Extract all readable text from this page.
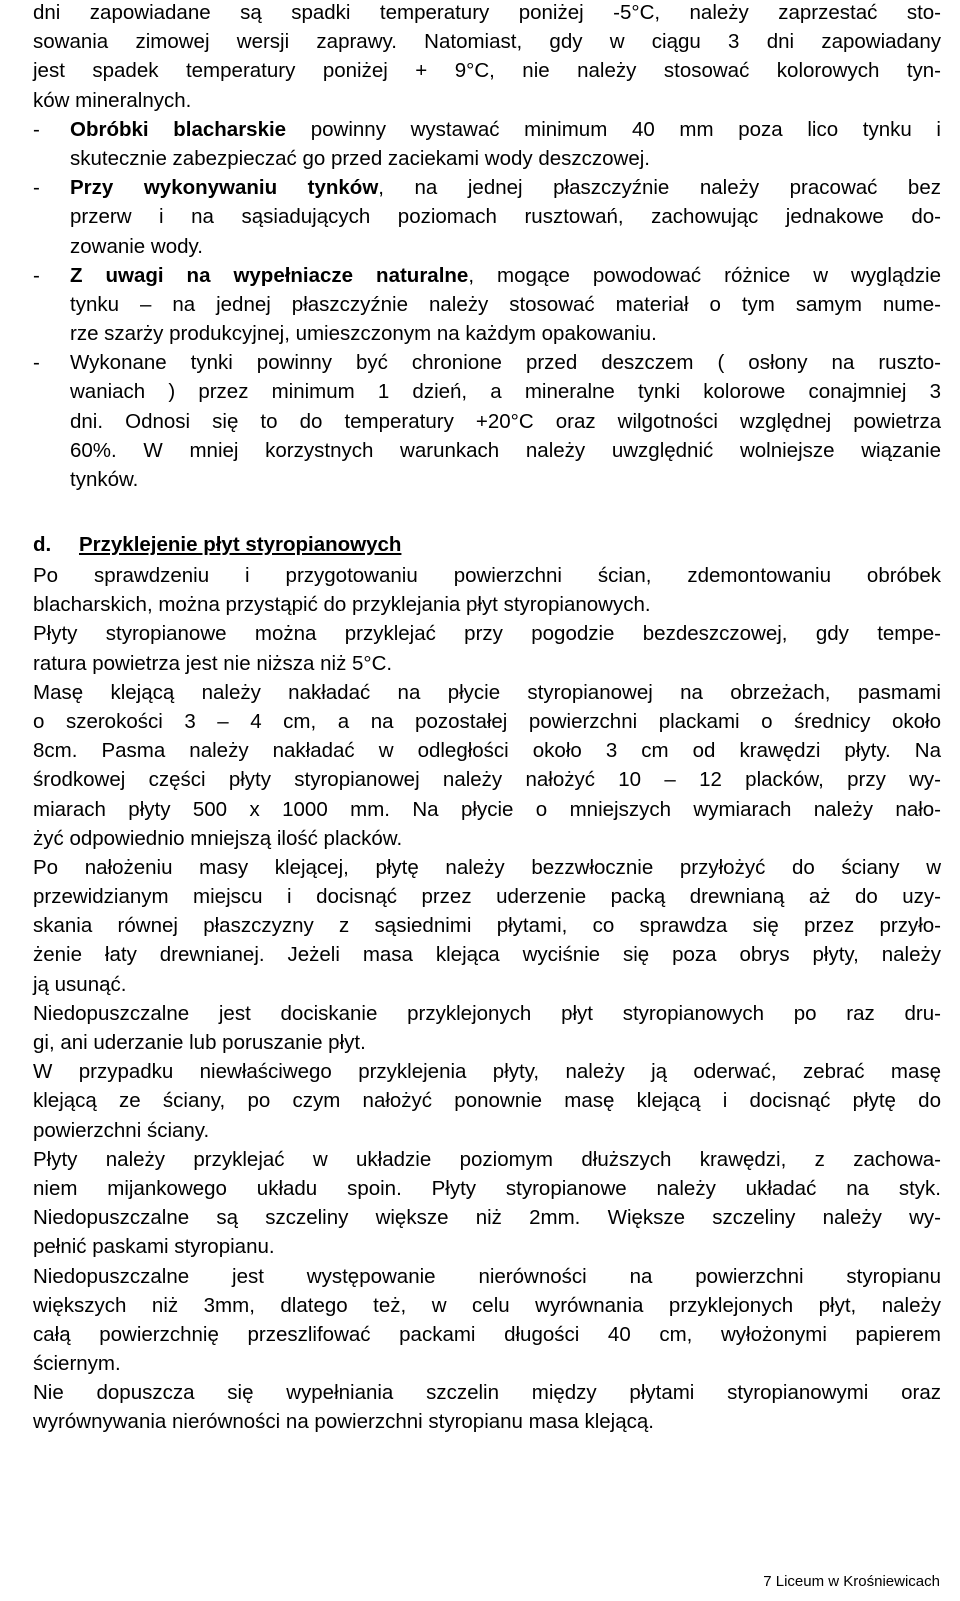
dni zapowiadane są spadki temperatury poniżej -5°C, należy zaprzestać sto-
sowania zimowej wersji zaprawy. Natomiast, gdy w ciągu 3 dni zapowiadany
jest spadek temperatury poniżej + 9°C, nie należy stosować kolorowych tyn-
ków mineralnych.
- Obróbki blacharskie powinny wystawać minimum 40 mm poza lico tynku i
skutecznie zabezpieczać go przed zaciekami wody deszczowej.
- Przy wykonywaniu tynków, na jednej płaszczyźnie należy pracować bez
przerw i na sąsiadujących poziomach rusztowań, zachowując jednakowe do-
zowanie wody.
- Z uwagi na wypełniacze naturalne, mogące powodować różnice w wyglądzie
tynku – na jednej płaszczyźnie należy stosować materiał o tym samym nume-
rze szarży produkcyjnej, umieszczonym na każdym opakowaniu.
- Wykonane tynki powinny być chronione przed deszczem ( osłony na ruszto-
waniach ) przez minimum 1 dzień, a mineralne tynki kolorowe conajmniej 3
dni. Odnosi się to do temperatury +20°C oraz wilgotności względnej powietrza
60%. W mniej korzystnych warunkach należy uwzględnić wolniejsze wiązanie
tynków.
d. Przyklejenie płyt styropianowych
Po sprawdzeniu i przygotowaniu powierzchni ścian, zdemontowaniu obróbek
blacharskich, można przystąpić do przyklejania płyt styropianowych.
Płyty styropianowe można przyklejać przy pogodzie bezdeszczowej, gdy tempe-
ratura powietrza jest nie niższa niż 5°C.
Masę klejącą należy nakładać na płycie styropianowej na obrzeżach, pasmami
o szerokości 3 – 4 cm, a na pozostałej powierzchni plackami o średnicy około
8cm. Pasma należy nakładać w odległości około 3 cm od krawędzi płyty. Na
środkowej części płyty styropianowej należy nałożyć 10 – 12 placków, przy wy-
miarach płyty 500 x 1000 mm. Na płycie o mniejszych wymiarach należy nało-
żyć odpowiednio mniejszą ilość placków.
Po nałożeniu masy klejącej, płytę należy bezzwłocznie przyłożyć do ściany w
przewidzianym miejscu i docisnąć przez uderzenie packą drewnianą aż do uzy-
skania równej płaszczyzny z sąsiednimi płytami, co sprawdza się przez przyło-
żenie łaty drewnianej. Jeżeli masa klejąca wyciśnie się poza obrys płyty, należy
ją usunąć.
Niedopuszczalne jest dociskanie przyklejonych płyt styropianowych po raz dru-
gi, ani uderzanie lub poruszanie płyt.
W przypadku niewłaściwego przyklejenia płyty, należy ją oderwać, zebrać masę
klejącą ze ściany, po czym nałożyć ponownie masę klejącą i docisnąć płytę do
powierzchni ściany.
Płyty należy przyklejać w układzie poziomym dłuższych krawędzi, z zachowa-
niem mijankowego układu spoin. Płyty styropianowe należy układać na styk.
Niedopuszczalne są szczeliny większe niż 2mm. Większe szczeliny należy wy-
pełnić paskami styropianu.
Niedopuszczalne jest występowanie nierówności na powierzchni styropianu
większych niż 3mm, dlatego też, w celu wyrównania przyklejonych płyt, należy
całą powierzchnię przeszlifować packami długości 40 cm, wyłożonymi papierem
ściernym.
Nie dopuszcza się wypełniania szczelin między płytami styropianowymi oraz
wyrównywania nierówności na powierzchni styropianu masa klejącą.
7 Liceum w Krośniewicach
